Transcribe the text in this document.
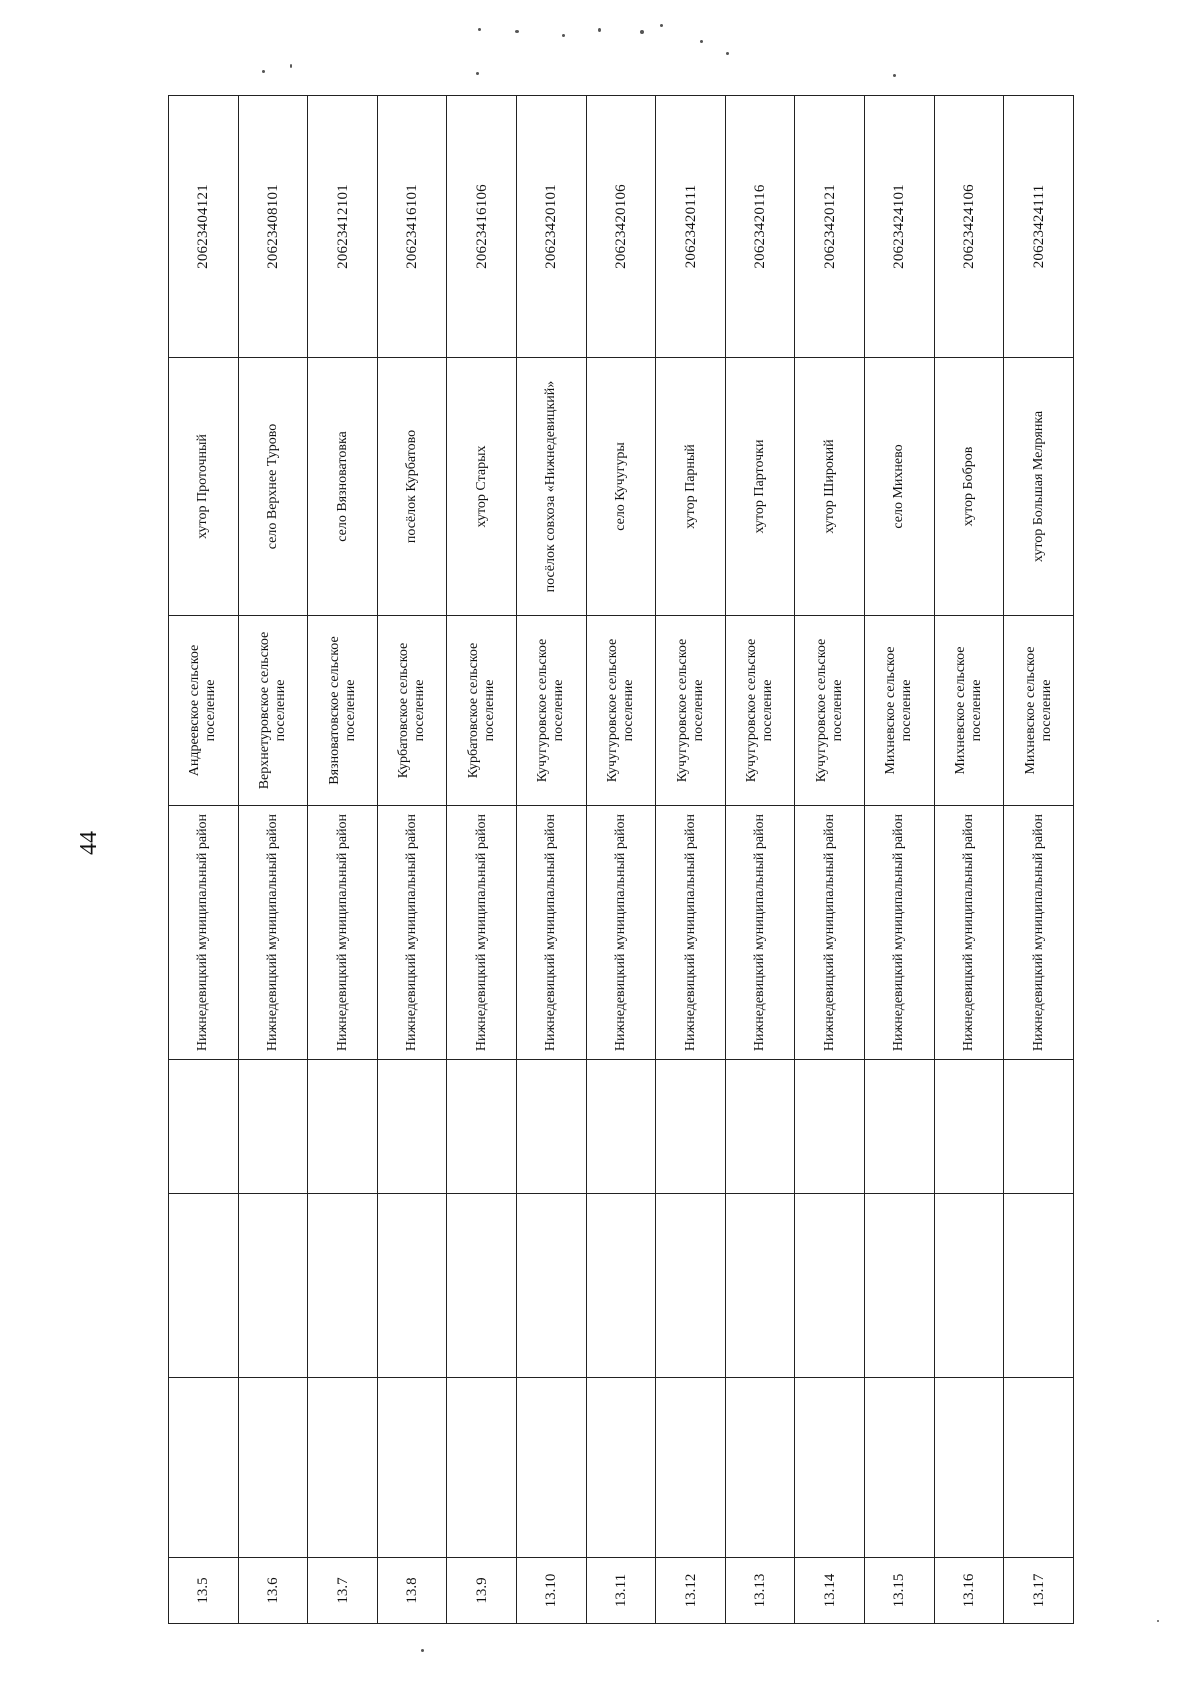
44
13.5				Нижнедевицкий муниципальный район	Андреевское сельское поселение	хутор Проточный	20623404121
13.6				Нижнедевицкий муниципальный район	Верхнетуровское сельское поселение	село Верхнее Турово	20623408101
13.7				Нижнедевицкий муниципальный район	Вязноватовское сельское поселение	село Вязноватовка	20623412101
13.8				Нижнедевицкий муниципальный район	Курбатовское сельское поселение	посёлок Курбатово	20623416101
13.9				Нижнедевицкий муниципальный район	Курбатовское сельское поселение	хутор Старых	20623416106
13.10				Нижнедевицкий муниципальный район	Кучугуровское сельское поселение	посёлок совхоза «Нижнедевицкий»	20623420101
13.11				Нижнедевицкий муниципальный район	Кучугуровское сельское поселение	село Кучугуры	20623420106
13.12				Нижнедевицкий муниципальный район	Кучугуровское сельское поселение	хутор Парный	20623420111
13.13				Нижнедевицкий муниципальный район	Кучугуровское сельское поселение	хутор Парточки	20623420116
13.14				Нижнедевицкий муниципальный район	Кучугуровское сельское поселение	хутор Широкий	20623420121
13.15				Нижнедевицкий муниципальный район	Михневское сельское поселение	село Михнево	20623424101
13.16				Нижнедевицкий муниципальный район	Михневское сельское поселение	хутор Бобров	20623424106
13.17				Нижнедевицкий муниципальный район	Михневское сельское поселение	хутор Большая Мелрянка	20623424111
